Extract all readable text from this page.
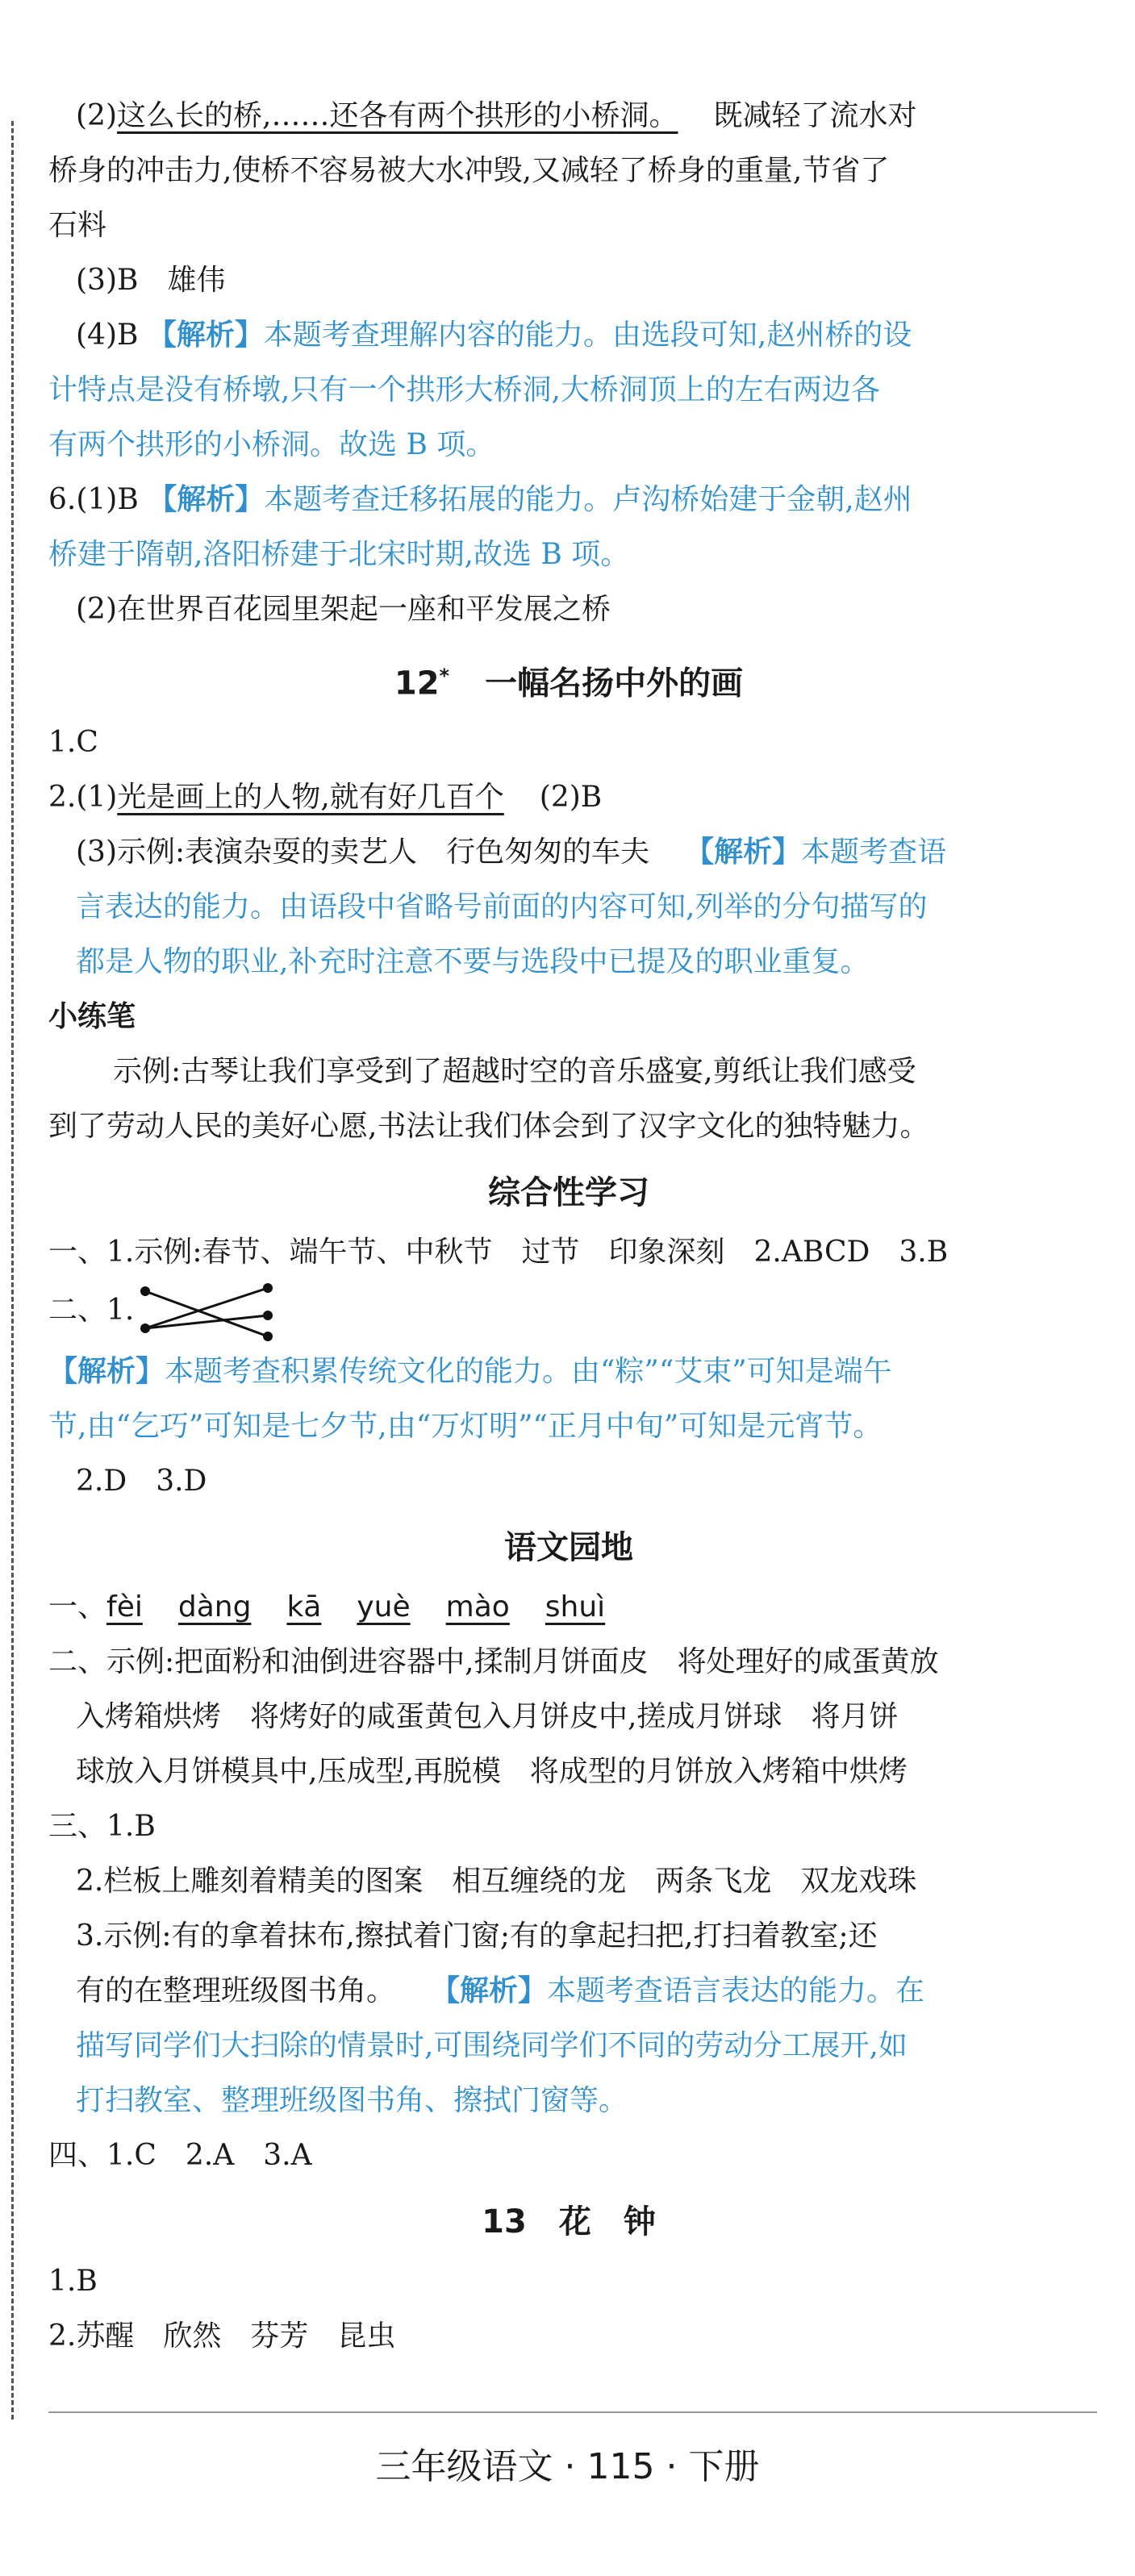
(2)这么长的桥,……还各有两个拱形的小桥洞。 既减轻了流水对

桥身的冲击力,使桥不容易被大水冲毁,又减轻了桥身的重量,节省了

石料

(3)B　雄伟

(4)B 【解析】本题考查理解内容的能力。由选段可知,赵州桥的设

计特点是没有桥墩,只有一个拱形大桥洞,大桥洞顶上的左右两边各

有两个拱形的小桥洞。故选 B 项。

6.(1)B 【解析】本题考查迁移拓展的能力。卢沟桥始建于金朝,赵州

桥建于隋朝,洛阳桥建于北宋时期,故选 B 项。

(2)在世界百花园里架起一座和平发展之桥

12* 一幅名扬中外的画

1.C

2.(1)光是画上的人物,就有好几百个 (2)B

(3)示例:表演杂耍的卖艺人　行色匆匆的车夫 【解析】本题考查语

言表达的能力。由语段中省略号前面的内容可知,列举的分句描写的

都是人物的职业,补充时注意不要与选段中已提及的职业重复。

小练笔

示例:古琴让我们享受到了超越时空的音乐盛宴,剪纸让我们感受

到了劳动人民的美好心愿,书法让我们体会到了汉字文化的独特魅力。

综合性学习

一、1.示例:春节、端午节、中秋节　过节　印象深刻　2.ABCD　3.B

二、1.

【解析】本题考查积累传统文化的能力。由“粽”“艾束”可知是端午

节,由“乞巧”可知是七夕节,由“万灯明”“正月中旬”可知是元宵节。

2.D　3.D

语文园地

一、fèi dàng kā yuè mào shuì

二、示例:把面粉和油倒进容器中,揉制月饼面皮　将处理好的咸蛋黄放

入烤箱烘烤　将烤好的咸蛋黄包入月饼皮中,搓成月饼球　将月饼

球放入月饼模具中,压成型,再脱模　将成型的月饼放入烤箱中烘烤

三、1.B

2.栏板上雕刻着精美的图案　相互缠绕的龙　两条飞龙　双龙戏珠

3.示例:有的拿着抹布,擦拭着门窗;有的拿起扫把,打扫着教室;还

有的在整理班级图书角。 【解析】本题考查语言表达的能力。在

描写同学们大扫除的情景时,可围绕同学们不同的劳动分工展开,如

打扫教室、整理班级图书角、擦拭门窗等。

四、1.C　2.A　3.A

13　花　钟

1.B

2.苏醒　欣然　芬芳　昆虫

三年级语文 · 115 · 下册
